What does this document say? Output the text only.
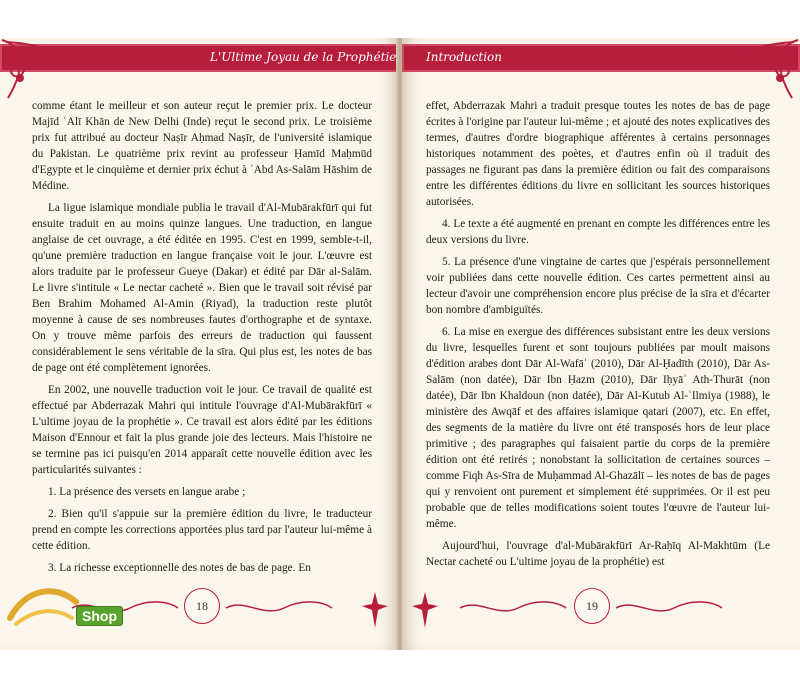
L'Ultime Joyau de la Prophétie

comme étant le meilleur et son auteur reçut le premier prix. Le docteur Majīd ʿAlī Khān de New Delhi (Inde) reçut le second prix. Le troisième prix fut attribué au docteur Naṣīr Aḥmad Naṣīr, de l'université islamique du Pakistan. Le quatrième prix revint au professeur Ḥamīd Maḥmūd d'Egypte et le cinquième et dernier prix échut à ʿAbd As-Salām Hāshim de Médine.

La ligue islamique mondiale publia le travail d'Al-Mubārakfūrī qui fut ensuite traduit en au moins quinze langues. Une traduction, en langue anglaise de cet ouvrage, a été éditée en 1995. C'est en 1999, semble-t-il, qu'une première traduction en langue française voit le jour. L'œuvre est alors traduite par le professeur Gueye (Dakar) et édité par Dār al-Salām. Le livre s'intitule « Le nectar cacheté ». Bien que le travail soit révisé par Ben Brahim Mohamed Al-Amin (Riyad), la traduction reste plutôt moyenne à cause de ses nombreuses fautes d'orthographe et de syntaxe. On y trouve même parfois des erreurs de traduction qui faussent considérablement le sens véritable de la sīra. Qui plus est, les notes de bas de page ont été complètement ignorées.

En 2002, une nouvelle traduction voit le jour. Ce travail de qualité est effectué par Abderrazak Mahri qui intitule l'ouvrage d'Al-Mubārakfūrī « L'ultime joyau de la prophétie ». Ce travail est alors édité par les éditions Maison d'Ennour et fait la plus grande joie des lecteurs. Mais l'histoire ne se termine pas ici puisqu'en 2014 apparaît cette nouvelle édition avec les particularités suivantes :

1. La présence des versets en langue arabe ;

2. Bien qu'il s'appuie sur la première édition du livre, le traducteur prend en compte les corrections apportées plus tard par l'auteur lui-même à cette édition.

3. La richesse exceptionnelle des notes de bas de page. En

18
Introduction

effet, Abderrazak Mahri a traduit presque toutes les notes de bas de page écrites à l'origine par l'auteur lui-même ; et ajouté des notes explicatives des termes, d'autres d'ordre biographique afférentes à certains personnages historiques notamment des poètes, et d'autres enfin où il traduit des passages ne figurant pas dans la première édition ou fait des comparaisons entre les différentes éditions du livre en sollicitant les sources historiques autorisées.

4. Le texte a été augmenté en prenant en compte les différences entre les deux versions du livre.

5. La présence d'une vingtaine de cartes que j'espérais personnellement voir publiées dans cette nouvelle édition. Ces cartes permettent ainsi au lecteur d'avoir une compréhension encore plus précise de la sīra et d'écarter bon nombre d'ambiguïtés.

6. La mise en exergue des différences subsistant entre les deux versions du livre, lesquelles furent et sont toujours publiées par moult maisons d'édition arabes dont Dār Al-Wafāʾ (2010), Dār Al-Ḥadīth (2010), Dār As-Salām (non datée), Dār Ibn Ḥazm (2010), Dār Iḥyāʾ Ath-Thurāt (non datée), Dār Ibn Khaldoun (non datée), Dār Al-Kutub Al-ʿIlmiya (1988), le ministère des Awqāf et des affaires islamique qatari (2007), etc. En effet, des segments de la matière du livre ont été transposés hors de leur place primitive ; des paragraphes qui faisaient partie du corps de la première édition ont été retirés ; nonobstant la sollicitation de certaines sources – comme Fiqh As-Sīra de Muḥammad Al-Ghazālī – les notes de bas de pages qui y renvoient ont purement et simplement été supprimées. Or il est peu probable que de telles modifications soient toutes l'œuvre de l'auteur lui-même.

Aujourd'hui, l'ouvrage d'al-Mubārakfūrī Ar-Raḥīq Al-Makhtūm (Le Nectar cacheté ou L'ultime joyau de la prophétie) est

19
Shop
